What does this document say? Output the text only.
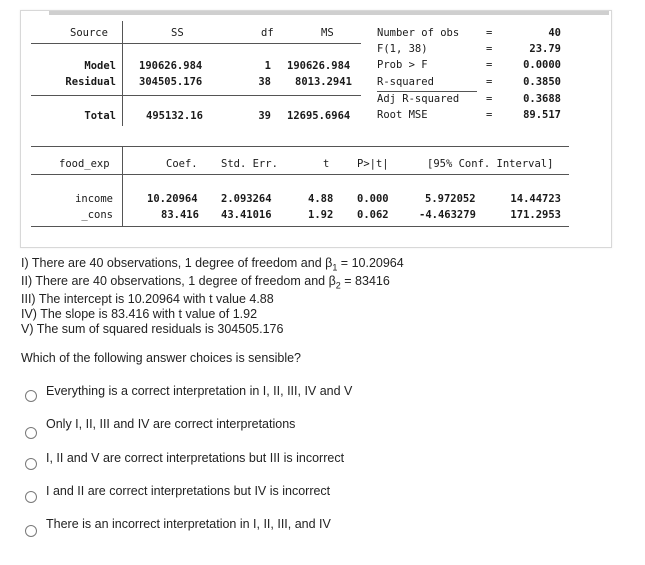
Source	SS	df	MS
Model 190626.984	1 190626.984
Residual 304505.176	38 8013.2941
Total	495132.16	39 12695.6964
Number of obs	=	40
F(1, 38)	=	23.79
Prob > F	=	0.0000
R-squared	=	0.3850
Adj R-squared	=	0.3688
Root MSE	=	89.517
food_exp	Coef. Std. Err.	t	P>|t|	[95% Conf. Interval]
income	10.20964 2.093264	4.88 0.000	5.972052	14.44723
_cons	83.416 43.41016	1.92 0.062	-4.463279	171.2953
I) There are 40 observations, 1 degree of freedom and $\beta_1 = 10.20964$
II) There are 40 observations, 1 degree of freedom and $\beta_2 = 83416$
III) The intercept is 10.20964 with t value 4.88
IV) The slope is 83.416 with t value of 1.92
V) The sum of squared residuals is 304505.176
Which of the following answer choices is sensible?
Everything is a correct interpretation in I, II, III, IV and V
Only I, II, III and IV are correct interpretations
I, II and V are correct interpretations but III is incorrect
I and II are correct interpretations but IV is incorrect
There is an incorrect interpretation in I, II, III, and IV
